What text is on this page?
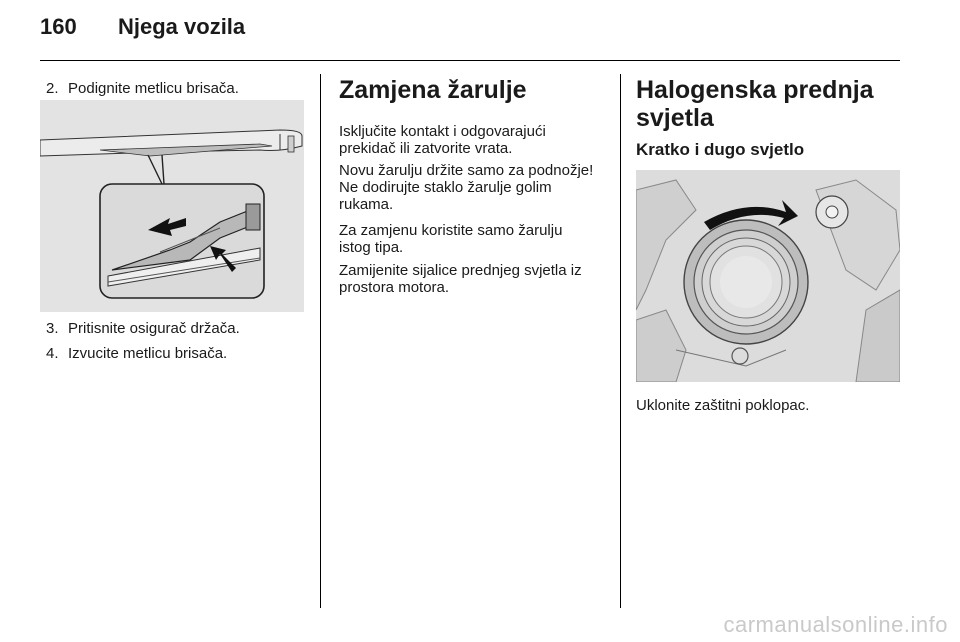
160 Njega vozila
2. Podignite metlicu brisača.
3. Pritisnite osigurač držača.
4. Izvucite metlicu brisača.
Zamjena žarulje
Isključite kontakt i odgovarajući prekidač ili zatvorite vrata.
Novu žarulju držite samo za podnožje! Ne dodirujte staklo žarulje golim rukama.
Za zamjenu koristite samo žarulju istog tipa.
Zamijenite sijalice prednjeg svjetla iz prostora motora.
Halogenska prednja svjetla
Kratko i dugo svjetlo
Uklonite zaštitni poklopac.
carmanualsonline.info
